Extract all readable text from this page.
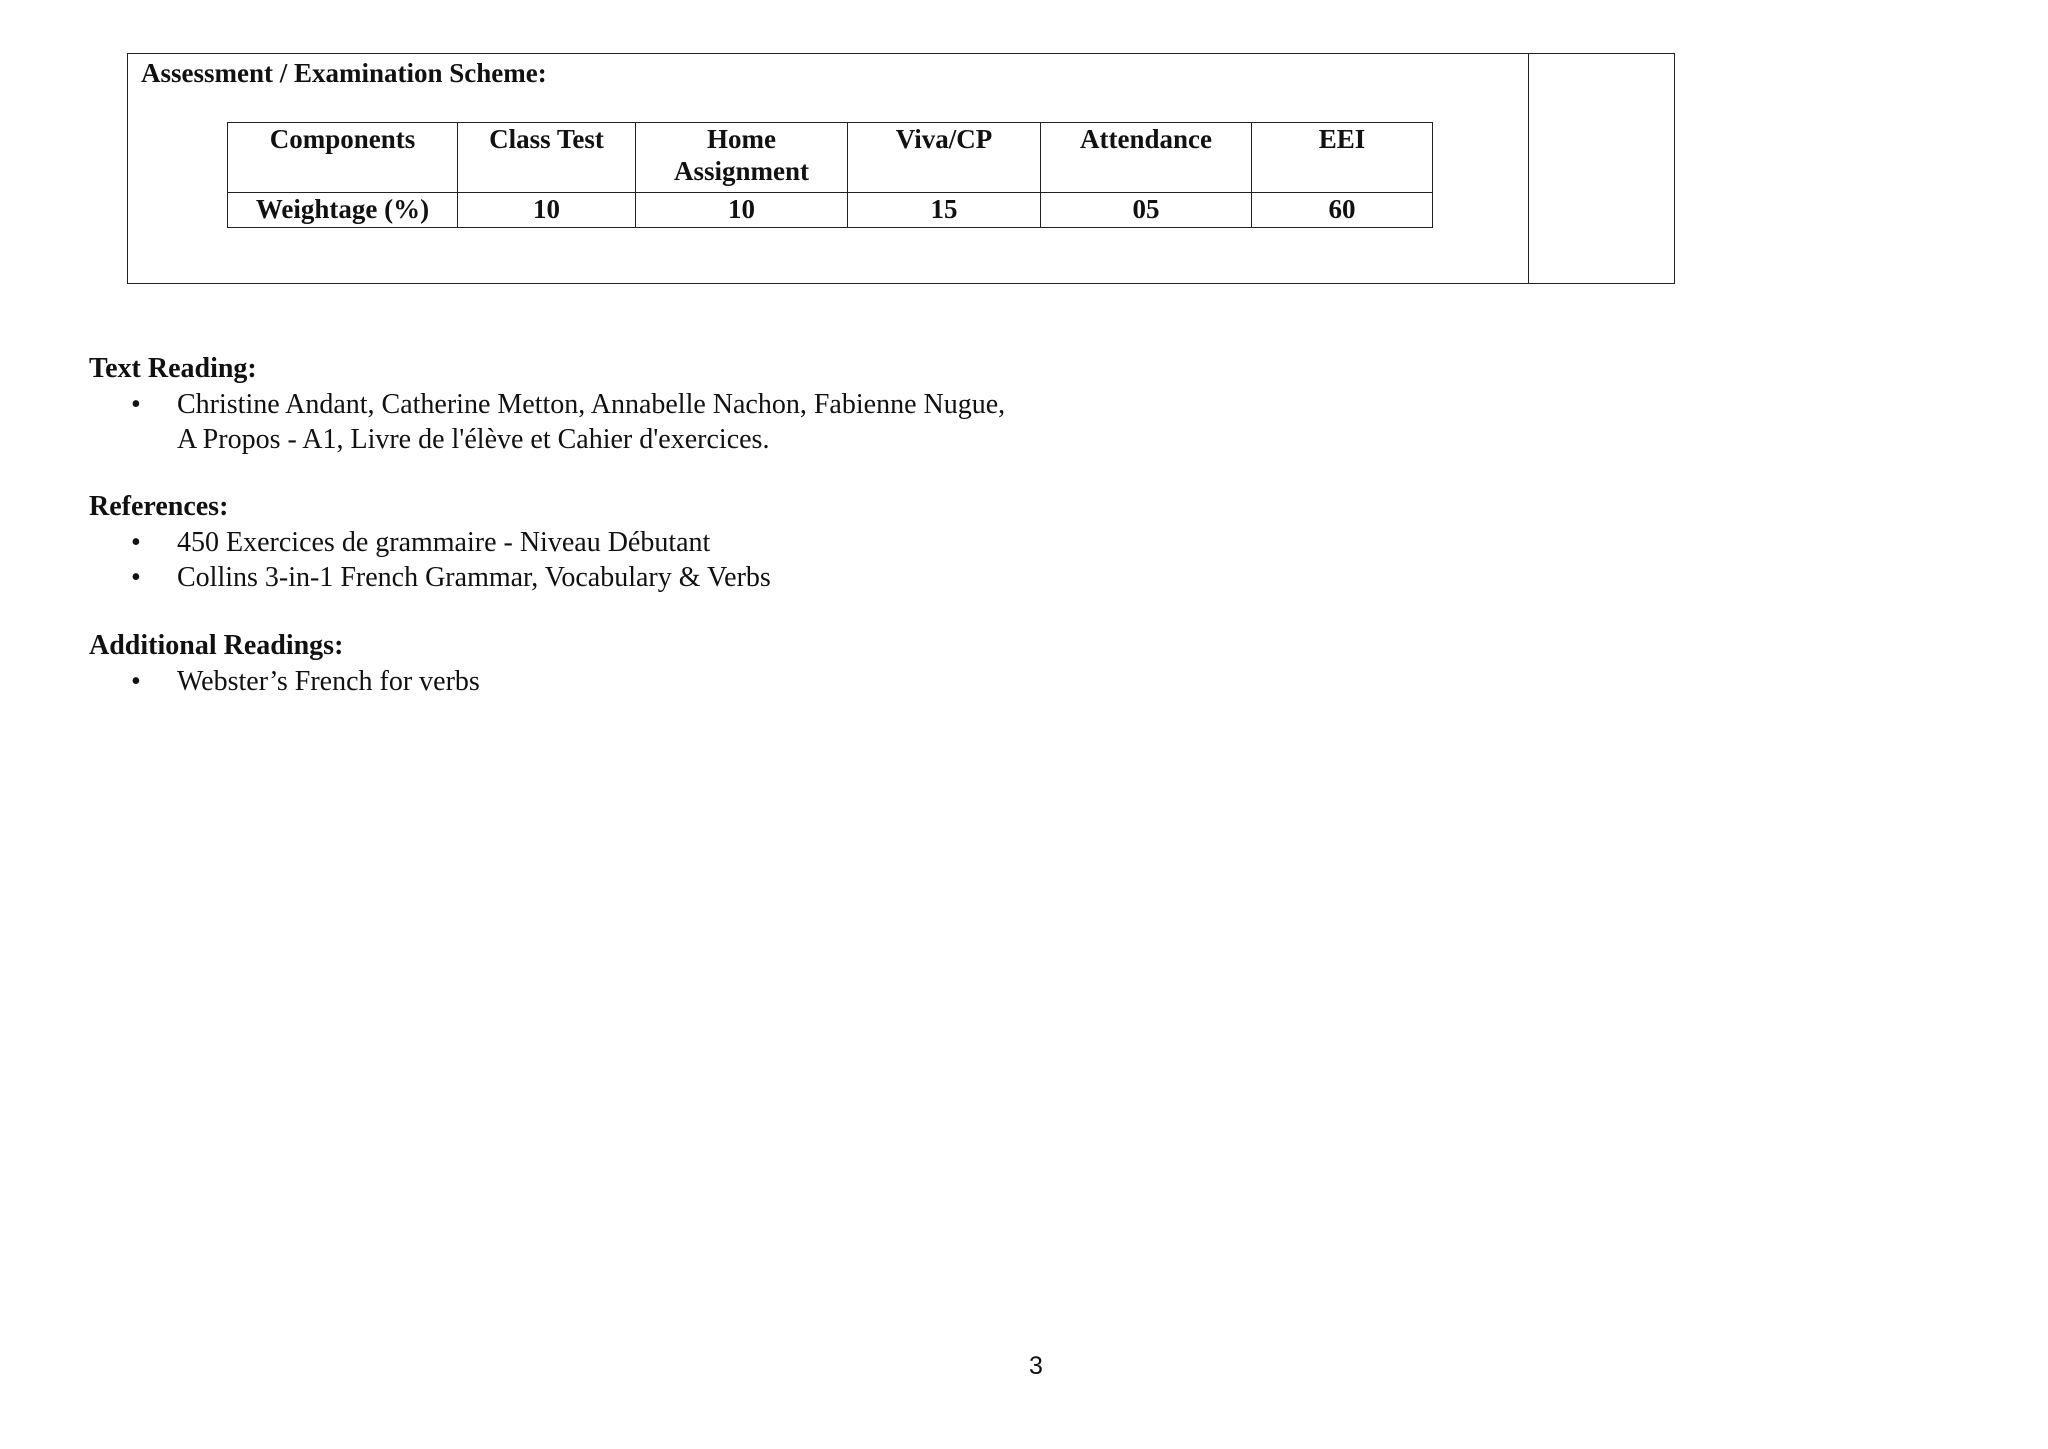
Assessment / Examination Scheme:
Components	Class Test	Home Assignment	Viva/CP	Attendance	EEI
Weightage (%)	10	10	15	05	60
Text Reading:
• Christine Andant, Catherine Metton, Annabelle Nachon, Fabienne Nugue,
A Propos - A1, Livre de l'élève et Cahier d'exercices.
References:
• 450 Exercices de grammaire - Niveau Débutant
• Collins 3-in-1 French Grammar, Vocabulary & Verbs
Additional Readings:
• Webster’s French for verbs
3
